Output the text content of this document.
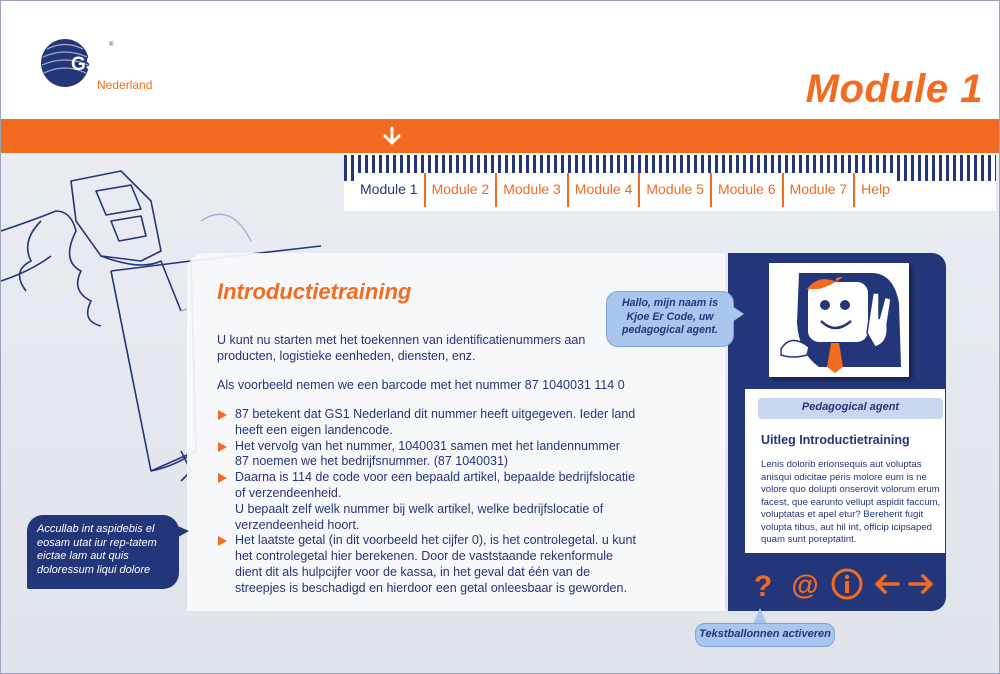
GS1
®
Nederland	Module 1
Module 1	Module 2	Module 3	Module 4	Module 5	Module 6	Module 7	Help
Introductietraining
U kunt nu starten met het toekennen van identificatienummers aan producten, logistieke eenheden, diensten, enz.
Als voorbeeld nemen we een barcode met het nummer 87 1040031 114 0
87 betekent dat GS1 Nederland dit nummer heeft uitgegeven. Ieder land heeft een eigen landencode.
Het vervolg van het nummer, 1040031 samen met het landennummer 87 noemen we het bedrijfsnummer. (87 1040031)
Daarna is 114 de code voor een bepaald artikel, bepaalde bedrijfslocatie of verzendeenheid.
U bepaalt zelf welk nummer bij welk artikel, welke bedrijfslocatie of verzendeenheid hoort.
Het laatste getal (in dit voorbeeld het cijfer 0), is het controlegetal. u kunt het controlegetal hier berekenen. Door de vaststaande rekenformule dient dit als hulpcijfer voor de kassa, in het geval dat één van de streepjes is beschadigd en hierdoor een getal onleesbaar is geworden.
Accullab int aspidebis el eosam utat iur rep-tatem eictae lam aut quis doloressum liqui dolore
Hallo, mijn naam is Kjoe Er Code, uw pedagogical agent.
Pedagogical agent
Uitleg Introductietraining
Lenis dolorib erionsequis aut voluptas anisqui odicitae peris molore eum is ne volore quo dolupti onserovit volorum erum facest, que earunto vellupt aspidit faccum, voluptatas et apel etur? Berehent fugit volupta tibus, aut hil int, officip icipsaped quam sunt poreptatint.
? @
Tekstballonnen activeren
